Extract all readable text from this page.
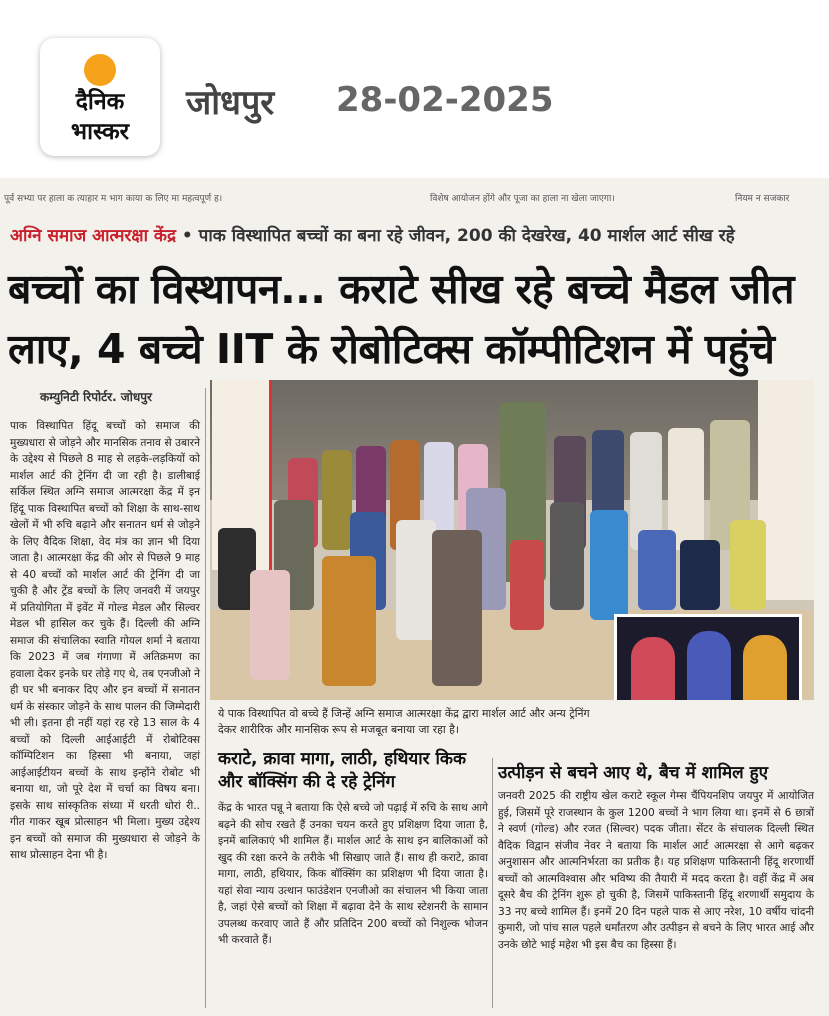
दैनिक
भास्कर
जोधपुर 28-02-2025
पूर्व सभ्या पर हाला क त्याहार म भाग काया क लिए मा महत्वपूर्ण ह।	विशेष आयोजन होंगे और पूजा का हाला ना खेला जाएगा।	नियम न सजकार
अग्नि समाज आत्मरक्षा केंद्र • पाक विस्थापित बच्चों का बना रहे जीवन, 200 की देखरेख, 40 मार्शल आर्ट सीख रहे
बच्चों का विस्थापन... कराटे सीख रहे बच्चे मैडल जीत
लाए, 4 बच्चे IIT के रोबोटिक्स कॉम्पीटिशन में पहुंचे
कम्युनिटी रिपोर्टर. जोधपुर
पाक विस्थापित हिंदू बच्चों को समाज की मुख्यधारा से जोड़ने और मानसिक तनाव से उबारने के उद्देश्य से पिछले 8 माह से लड़के-लड़कियों को मार्शल आर्ट की ट्रेनिंग दी जा रही है। डालीबाई सर्किल स्थित अग्नि समाज आत्मरक्षा केंद्र में इन हिंदू पाक विस्थापित बच्चों को शिक्षा के साथ-साथ खेलों में भी रुचि बढ़ाने और सनातन धर्म से जोड़ने के लिए वैदिक शिक्षा, वेद मंत्र का ज्ञान भी दिया जाता है। आत्मरक्षा केंद्र की ओर से पिछले 9 माह से 40 बच्चों को मार्शल आर्ट की ट्रेनिंग दी जा चुकी है और ट्रेंड बच्चों के लिए जनवरी में जयपुर में प्रतियोगिता में इवेंट में गोल्ड मेडल और सिल्वर मेडल भी हासिल कर चुके हैं। दिल्ली की अग्नि समाज की संचालिका स्वाति गोयल शर्मा ने बताया कि 2023 में जब गंगाणा में अतिक्रमण का हवाला देकर इनके घर तोड़े गए थे, तब एनजीओ ने ही घर भी बनाकर दिए और इन बच्चों में सनातन धर्म के संस्कार जोड़ने के साथ पालन की जिम्मेदारी भी ली। इतना ही नहीं यहां रह रहे 13 साल के 4 बच्चों को दिल्ली आईआईटी में रोबोटिक्स कॉम्पिटिशन का हिस्सा भी बनाया, जहां आईआईटीयन बच्चों के साथ इन्होंने रोबोट भी बनाया था, जो पूरे देश में चर्चा का विषय बना। इसके साथ सांस्कृतिक संध्या में धरती धोरां री.. गीत गाकर खूब प्रोत्साहन भी मिला। मुख्य उद्देश्य इन बच्चों को समाज की मुख्यधारा से जोड़ने के साथ प्रोत्साहन देना भी है।
ये पाक विस्थापित वो बच्चे हैं जिन्हें अग्नि समाज आत्मरक्षा केंद्र द्वारा मार्शल आर्ट और अन्य ट्रेनिंग देकर शारीरिक और मानसिक रूप से मजबूत बनाया जा रहा है।
कराटे, क्रावा मागा, लाठी, हथियार किक और बॉक्सिंग की दे रहे ट्रेनिंग
केंद्र के भारत पन्नू ने बताया कि ऐसे बच्चे जो पढ़ाई में रुचि के साथ आगे बढ़ने की सोच रखते हैं उनका चयन करते हुए प्रशिक्षण दिया जाता है, इनमें बालिकाएं भी शामिल हैं। मार्शल आर्ट के साथ इन बालिकाओं को खुद की रक्षा करने के तरीके भी सिखाए जाते हैं। साथ ही कराटे, क्रावा मागा, लाठी, हथियार, किक बॉक्सिंग का प्रशिक्षण भी दिया जाता है। यहां सेवा न्याय उत्थान फाउंडेशन एनजीओ का संचालन भी किया जाता है, जहां ऐसे बच्चों को शिक्षा में बढ़ावा देने के साथ स्टेशनरी के सामान उपलब्ध करवाए जाते हैं और प्रतिदिन 200 बच्चों को निशुल्क भोजन भी करवाते हैं।
उत्पीड़न से बचने आए थे, बैच में शामिल हुए
जनवरी 2025 की राष्ट्रीय खेल कराटे स्कूल गेम्स चैंपियनशिप जयपुर में आयोजित हुई, जिसमें पूरे राजस्थान के कुल 1200 बच्चों ने भाग लिया था। इनमें से 6 छात्रों ने स्वर्ण (गोल्ड) और रजत (सिल्वर) पदक जीता। सेंटर के संचालक दिल्ली स्थित वैदिक विद्वान संजीव नेवर ने बताया कि मार्शल आर्ट आत्मरक्षा से आगे बढ़कर अनुशासन और आत्मनिर्भरता का प्रतीक है। यह प्रशिक्षण पाकिस्तानी हिंदू शरणार्थी बच्चों को आत्मविश्वास और भविष्य की तैयारी में मदद करता है। वहीं केंद्र में अब दूसरे बैच की ट्रेनिंग शुरू हो चुकी है, जिसमें पाकिस्तानी हिंदू शरणार्थी समुदाय के 33 नए बच्चे शामिल हैं। इनमें 20 दिन पहले पाक से आए नरेश, 10 वर्षीय चांदनी कुमारी, जो पांच साल पहले धर्मांतरण और उत्पीड़न से बचने के लिए भारत आई और उनके छोटे भाई महेश भी इस बैच का हिस्सा हैं।
